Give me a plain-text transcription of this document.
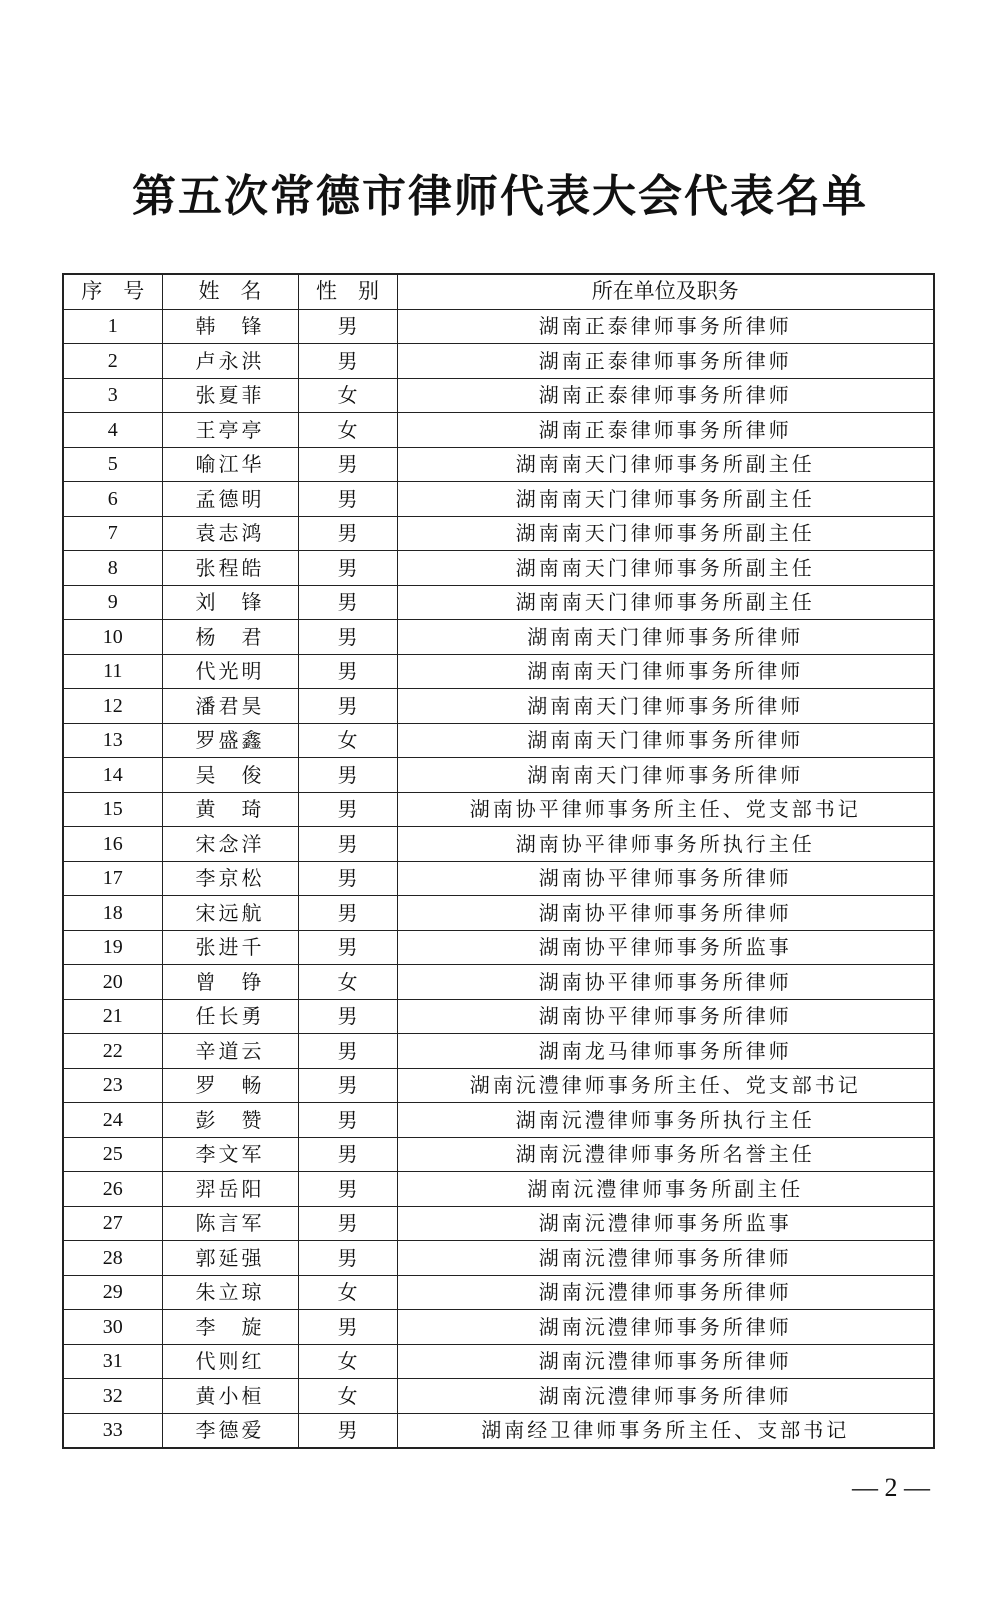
第五次常德市律师代表大会代表名单
序　号	姓　名	性　别	所在单位及职务
1	韩　锋	男	湖南正泰律师事务所律师
2	卢永洪	男	湖南正泰律师事务所律师
3	张夏菲	女	湖南正泰律师事务所律师
4	王亭亭	女	湖南正泰律师事务所律师
5	喻江华	男	湖南南天门律师事务所副主任
6	孟德明	男	湖南南天门律师事务所副主任
7	袁志鸿	男	湖南南天门律师事务所副主任
8	张程皓	男	湖南南天门律师事务所副主任
9	刘　锋	男	湖南南天门律师事务所副主任
10	杨　君	男	湖南南天门律师事务所律师
11	代光明	男	湖南南天门律师事务所律师
12	潘君昊	男	湖南南天门律师事务所律师
13	罗盛鑫	女	湖南南天门律师事务所律师
14	吴　俊	男	湖南南天门律师事务所律师
15	黄　琦	男	湖南协平律师事务所主任、党支部书记
16	宋念洋	男	湖南协平律师事务所执行主任
17	李京松	男	湖南协平律师事务所律师
18	宋远航	男	湖南协平律师事务所律师
19	张进千	男	湖南协平律师事务所监事
20	曾　铮	女	湖南协平律师事务所律师
21	任长勇	男	湖南协平律师事务所律师
22	辛道云	男	湖南龙马律师事务所律师
23	罗　畅	男	湖南沅澧律师事务所主任、党支部书记
24	彭　赞	男	湖南沅澧律师事务所执行主任
25	李文军	男	湖南沅澧律师事务所名誉主任
26	羿岳阳	男	湖南沅澧律师事务所副主任
27	陈言军	男	湖南沅澧律师事务所监事
28	郭延强	男	湖南沅澧律师事务所律师
29	朱立琼	女	湖南沅澧律师事务所律师
30	李　旋	男	湖南沅澧律师事务所律师
31	代则红	女	湖南沅澧律师事务所律师
32	黄小桓	女	湖南沅澧律师事务所律师
33	李德爱	男	湖南经卫律师事务所主任、支部书记
— 2 —
